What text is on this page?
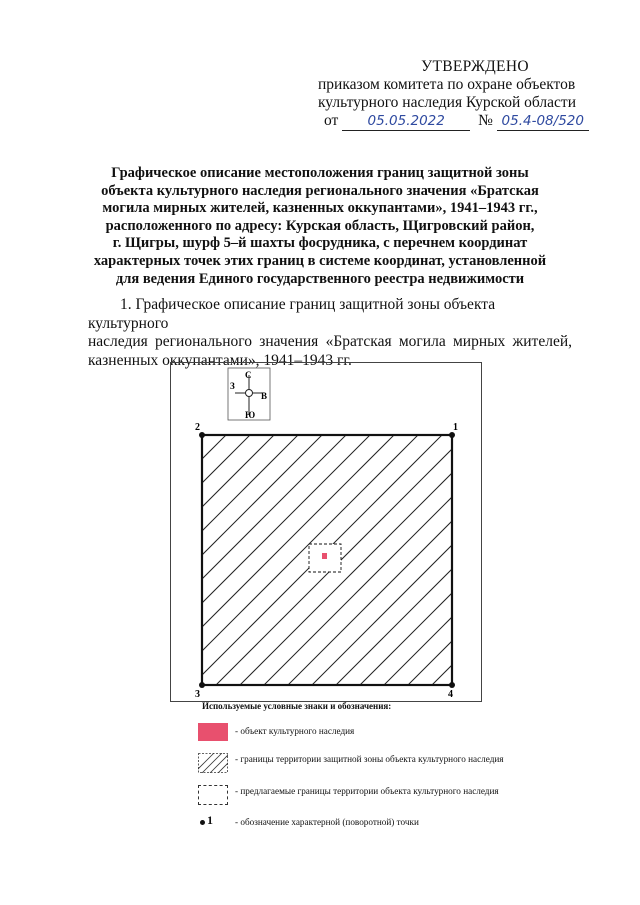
УТВЕРЖДЕНО
приказом комитета по охране объектов
культурного наследия Курской области
от 05.05.2022 № 05.4-08/520
Графическое описание местоположения границ защитной зоны
объекта культурного наследия регионального значения «Братская
могила мирных жителей, казненных оккупантами», 1941–1943 гг.,
расположенного по адресу: Курская область, Щигровский район,
г. Щигры, шурф 5–й шахты фосрудника, с перечнем координат
характерных точек этих границ в системе координат, установленной
для ведения Единого государственного реестра недвижимости
1. Графическое описание границ защитной зоны объекта культурного
наследия регионального значения «Братская могила мирных жителей,
казненных оккупантами», 1941–1943 гг.
С
Ю
В
З
1
2
3	4
Используемые условные знаки и обозначения:
- объект культурного наследия
- границы территории защитной зоны объекта культурного наследия
- предлагаемые границы территории объекта культурного наследия
1 - обозначение характерной (поворотной) точки
